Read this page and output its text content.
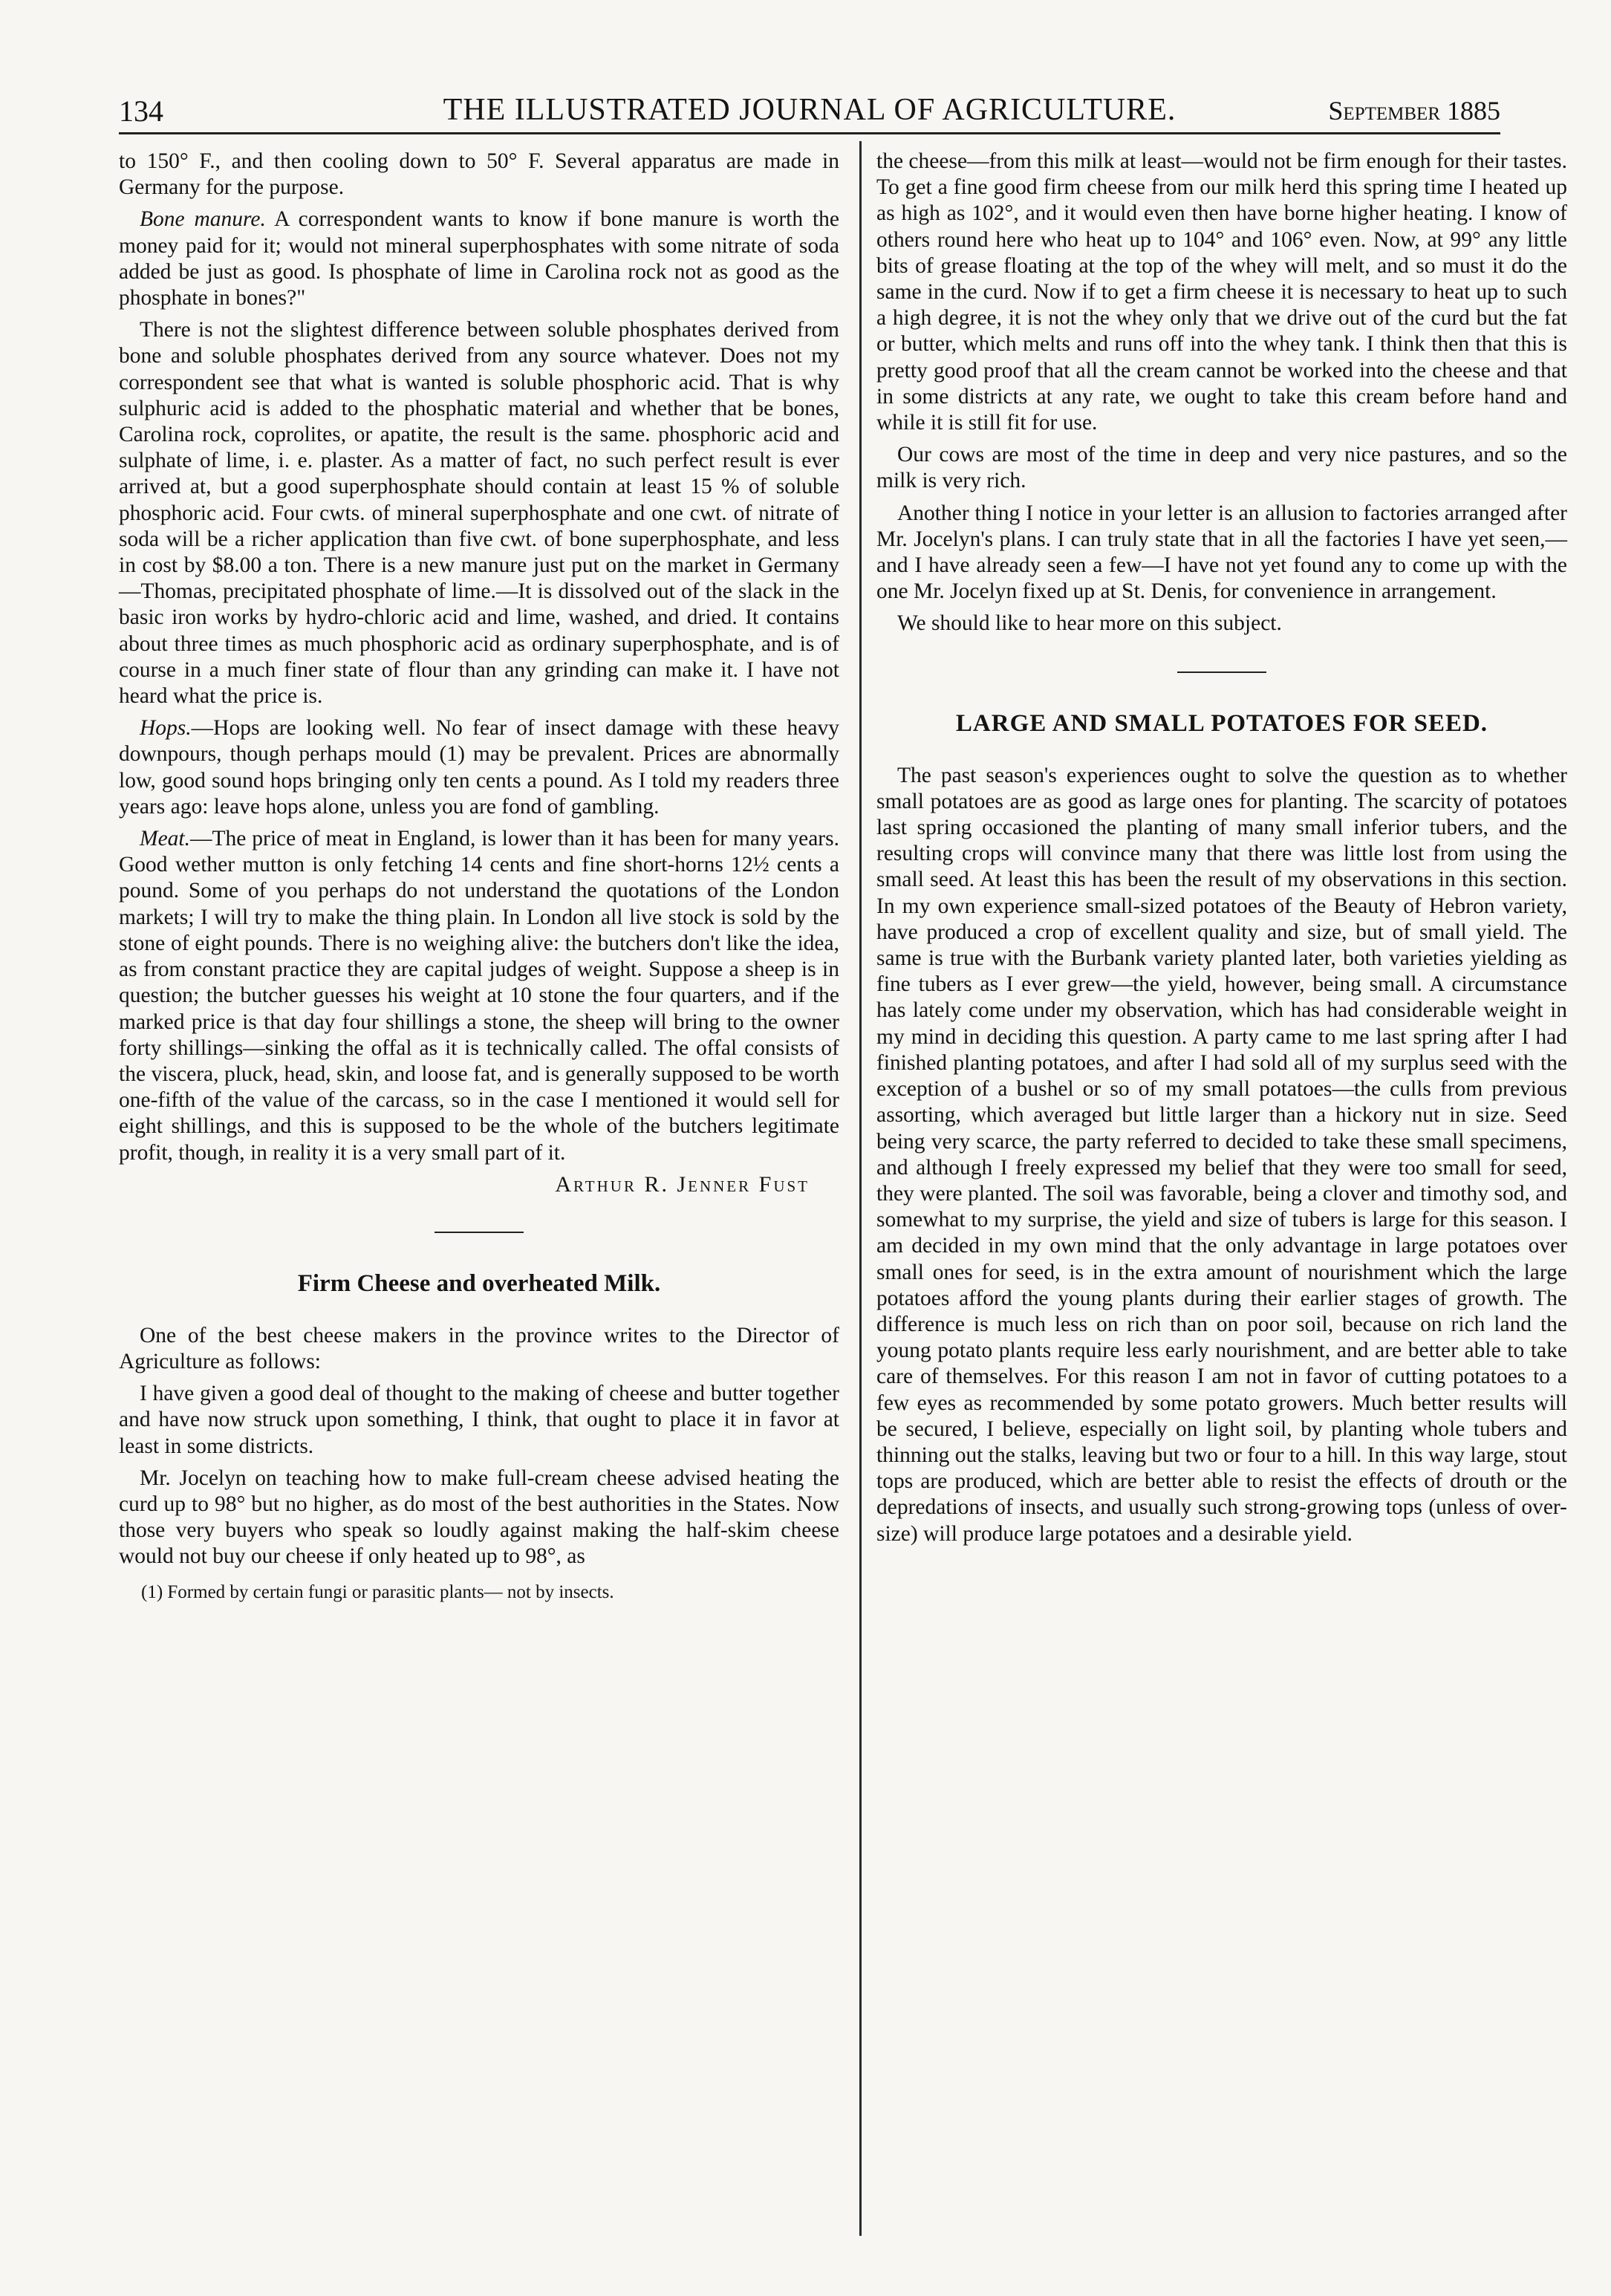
134	THE ILLUSTRATED JOURNAL OF AGRICULTURE.	September 1885

to 150° F., and then cooling down to 50° F. Several apparatus are made in Germany for the purpose.

Bone manure. A correspondent wants to know if bone manure is worth the money paid for it; would not mineral superphosphates with some nitrate of soda added be just as good. Is phosphate of lime in Carolina rock not as good as the phosphate in bones?"

There is not the slightest difference between soluble phosphates derived from bone and soluble phosphates derived from any source whatever. Does not my correspondent see that what is wanted is soluble phosphoric acid. That is why sulphuric acid is added to the phosphatic material and whether that be bones, Carolina rock, coprolites, or apatite, the result is the same. phosphoric acid and sulphate of lime, i. e. plaster. As a matter of fact, no such perfect result is ever arrived at, but a good superphosphate should contain at least 15 % of soluble phosphoric acid. Four cwts. of mineral superphosphate and one cwt. of nitrate of soda will be a richer application than five cwt. of bone superphosphate, and less in cost by $8.00 a ton. There is a new manure just put on the market in Germany—Thomas, precipitated phosphate of lime.—It is dissolved out of the slack in the basic iron works by hydro-chloric acid and lime, washed, and dried. It contains about three times as much phosphoric acid as ordinary superphosphate, and is of course in a much finer state of flour than any grinding can make it. I have not heard what the price is.

Hops.—Hops are looking well. No fear of insect damage with these heavy downpours, though perhaps mould (1) may be prevalent. Prices are abnormally low, good sound hops bringing only ten cents a pound. As I told my readers three years ago: leave hops alone, unless you are fond of gambling.

Meat.—The price of meat in England, is lower than it has been for many years. Good wether mutton is only fetching 14 cents and fine short-horns 12½ cents a pound. Some of you perhaps do not understand the quotations of the London markets; I will try to make the thing plain. In London all live stock is sold by the stone of eight pounds. There is no weighing alive: the butchers don't like the idea, as from constant practice they are capital judges of weight. Suppose a sheep is in question; the butcher guesses his weight at 10 stone the four quarters, and if the marked price is that day four shillings a stone, the sheep will bring to the owner forty shillings—sinking the offal as it is technically called. The offal consists of the viscera, pluck, head, skin, and loose fat, and is generally supposed to be worth one-fifth of the value of the carcass, so in the case I mentioned it would sell for eight shillings, and this is supposed to be the whole of the butchers legitimate profit, though, in reality it is a very small part of it.

Arthur R. Jenner Fust
Firm Cheese and overheated Milk.

One of the best cheese makers in the province writes to the Director of Agriculture as follows:

I have given a good deal of thought to the making of cheese and butter together and have now struck upon something, I think, that ought to place it in favor at least in some districts.

Mr. Jocelyn on teaching how to make full-cream cheese advised heating the curd up to 98° but no higher, as do most of the best authorities in the States. Now those very buyers who speak so loudly against making the half-skim cheese would not buy our cheese if only heated up to 98°, as

(1) Formed by certain fungi or parasitic plants— not by insects.

the cheese—from this milk at least—would not be firm enough for their tastes. To get a fine good firm cheese from our milk herd this spring time I heated up as high as 102°, and it would even then have borne higher heating. I know of others round here who heat up to 104° and 106° even. Now, at 99° any little bits of grease floating at the top of the whey will melt, and so must it do the same in the curd. Now if to get a firm cheese it is necessary to heat up to such a high degree, it is not the whey only that we drive out of the curd but the fat or butter, which melts and runs off into the whey tank. I think then that this is pretty good proof that all the cream cannot be worked into the cheese and that in some districts at any rate, we ought to take this cream before hand and while it is still fit for use.

Our cows are most of the time in deep and very nice pastures, and so the milk is very rich.

Another thing I notice in your letter is an allusion to factories arranged after Mr. Jocelyn's plans. I can truly state that in all the factories I have yet seen,—and I have already seen a few—I have not yet found any to come up with the one Mr. Jocelyn fixed up at St. Denis, for convenience in arrangement.

We should like to hear more on this subject.

LARGE AND SMALL POTATOES FOR SEED.

The past season's experiences ought to solve the question as to whether small potatoes are as good as large ones for planting. The scarcity of potatoes last spring occasioned the planting of many small inferior tubers, and the resulting crops will convince many that there was little lost from using the small seed. At least this has been the result of my observations in this section. In my own experience small-sized potatoes of the Beauty of Hebron variety, have produced a crop of excellent quality and size, but of small yield. The same is true with the Burbank variety planted later, both varieties yielding as fine tubers as I ever grew—the yield, however, being small. A circumstance has lately come under my observation, which has had considerable weight in my mind in deciding this question. A party came to me last spring after I had finished planting potatoes, and after I had sold all of my surplus seed with the exception of a bushel or so of my small potatoes—the culls from previous assorting, which averaged but little larger than a hickory nut in size. Seed being very scarce, the party referred to decided to take these small specimens, and although I freely expressed my belief that they were too small for seed, they were planted. The soil was favorable, being a clover and timothy sod, and somewhat to my surprise, the yield and size of tubers is large for this season. I am decided in my own mind that the only advantage in large potatoes over small ones for seed, is in the extra amount of nourishment which the large potatoes afford the young plants during their earlier stages of growth. The difference is much less on rich than on poor soil, because on rich land the young potato plants require less early nourishment, and are better able to take care of themselves. For this reason I am not in favor of cutting potatoes to a few eyes as recommended by some potato growers. Much better results will be secured, I believe, especially on light soil, by planting whole tubers and thinning out the stalks, leaving but two or four to a hill. In this way large, stout tops are produced, which are better able to resist the effects of drouth or the depredations of insects, and usually such strong-growing tops (unless of over-size) will produce large potatoes and a desirable yield.
